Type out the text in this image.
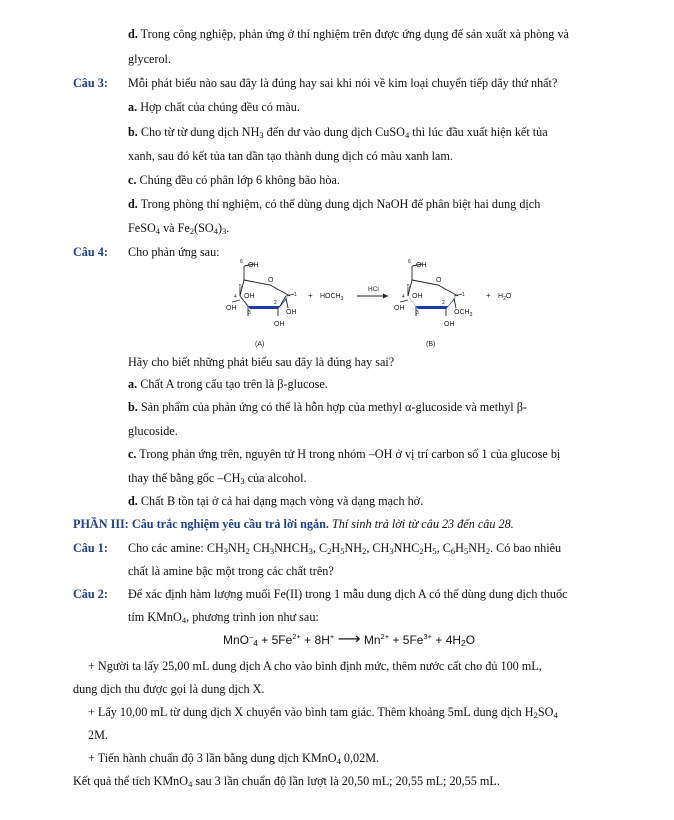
d. Trong công nghiệp, phản ứng ở thí nghiệm trên được ứng dụng để sản xuất xà phòng và
glycerol.
Câu 3: Mỗi phát biểu nào sau đây là đúng hay sai khi nói về kim loại chuyển tiếp dãy thứ nhất?
a. Hợp chất của chúng đều có màu.
b. Cho từ từ dung dịch $NH_3$ đến dư vào dung dịch CuSO$_4$ thì lúc đầu xuất hiện kết tủa
xanh, sau đó kết tủa tan dần tạo thành dung dịch có màu xanh lam.
c. Chúng đều có phân lớp 6 không bão hòa.
d. Trong phòng thí nghiệm, có thể dùng dung dịch NaOH để phân biệt hai dung dịch
FeSO$_4$ và $Fe_2(SO_4)_3$.
Câu 4: Cho phản ứng sau:
OH
6
O
5
4 OH
OH
3
2
1
OH
OH
(A)
+ $HOCH_3$
HCl
OH
6
O
5
4 OH
OH
3
2
1
$OCH_3$
OH
(B)
+ $H_2O$
Hãy cho biết những phát biểu sau đây là đúng hay sai?
a. Chất A trong cấu tạo trên là β-glucose.
b. Sản phẩm của phản ứng có thể là hỗn hợp của methyl α-glucoside và methyl β-
glucoside.
c. Trong phản ứng trên, nguyên tử H trong nhóm –OH ở vị trí carbon số 1 của glucose bị
thay thế bằng gốc $-CH_3$ của alcohol.
d. Chất B tồn tại ở cả hai dạng mạch vòng và dạng mạch hở.
PHẦN III: Câu trắc nghiệm yêu cầu trả lời ngắn. Thí sinh trả lời từ câu 23 đến câu 28.
Câu 1: Cho các amine: $CH_3NH_2$ $CH_3NHCH_3$, $C_2H_5NH_2$, $CH_3NHC_2H_5$, $C_6H_5NH_2$. Có bao nhiêu
chất là amine bậc một trong các chất trên?
Câu 2: Để xác định hàm lượng muối Fe(II) trong 1 mẫu dung dịch A có thể dùng dung dịch thuốc
tím KMnO$_4$, phương trình ion như sau:
$MnO^-_4 + 5Fe^{2+} + 8H^+$ ⟶ $Mn^{2+} + 5Fe^{3+} + 4H_2O$
+ Người ta lấy 25,00 mL dung dịch A cho vào bình định mức, thêm nước cất cho đủ 100 mL,
dung dịch thu được gọi là dung dịch X.
+ Lấy 10,00 mL từ dung dịch X chuyển vào bình tam giác. Thêm khoảng 5mL dung dịch $H_2SO_4$
2M.
+ Tiến hành chuẩn độ 3 lần bằng dung dịch KMnO$_4$ 0,02M.
Kết quả thể tích KMnO$_4$ sau 3 lần chuẩn độ lần lượt là 20,50 mL; 20,55 mL; 20,55 mL.
